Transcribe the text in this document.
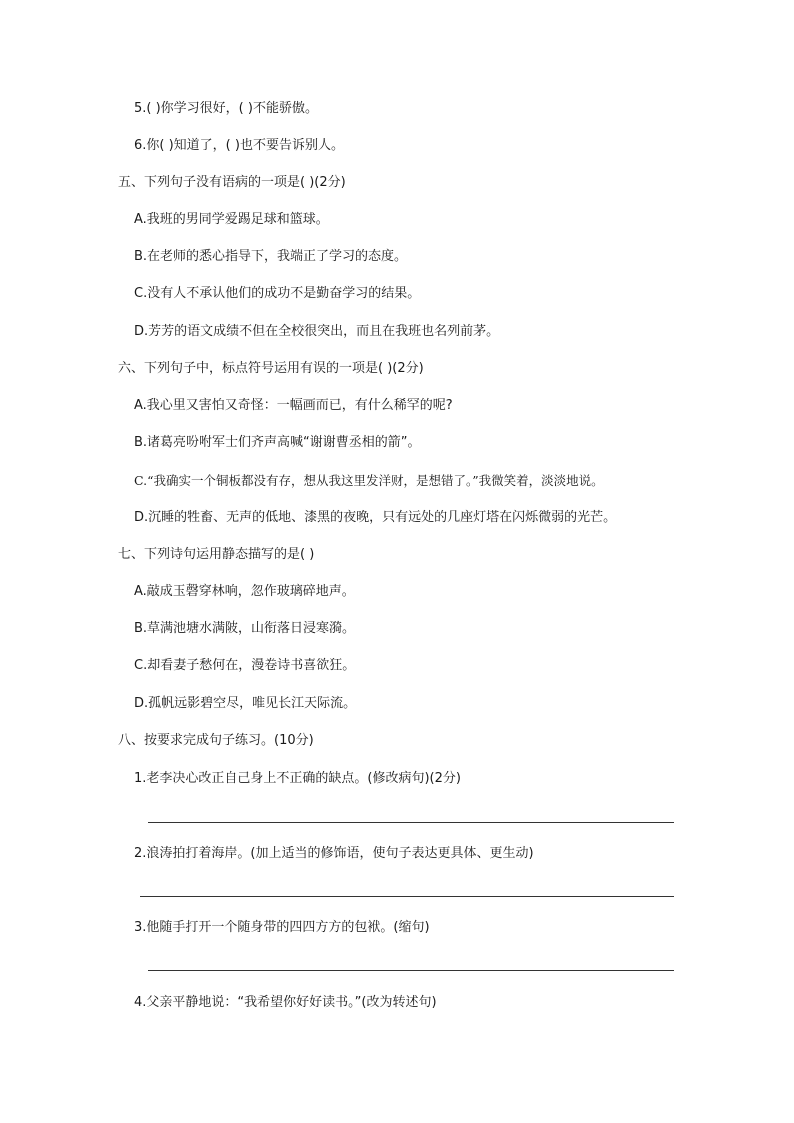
5.( )你学习很好，( )不能骄傲。
6.你( )知道了，( )也不要告诉别人。
五、下列句子没有语病的一项是( )(2分)
A.我班的男同学爱踢足球和篮球。
B.在老师的悉心指导下，我端正了学习的态度。
C.没有人不承认他们的成功不是勤奋学习的结果。
D.芳芳的语文成绩不但在全校很突出，而且在我班也名列前茅。
六、下列句子中，标点符号运用有误的一项是( )(2分)
A.我心里又害怕又奇怪：一幅画而已，有什么稀罕的呢?
B.诸葛亮吩咐军士们齐声高喊“谢谢曹丞相的箭”。
C.“我确实一个铜板都没有存，想从我这里发洋财，是想错了。”我微笑着，淡淡地说。
D.沉睡的牲畜、无声的低地、漆黑的夜晚，只有远处的几座灯塔在闪烁微弱的光芒。
七、下列诗句运用静态描写的是( )
A.敲成玉磬穿林响，忽作玻璃碎地声。
B.草满池塘水满陂，山衔落日浸寒漪。
C.却看妻子愁何在，漫卷诗书喜欲狂。
D.孤帆远影碧空尽，唯见长江天际流。
八、按要求完成句子练习。(10分)
1.老李决心改正自己身上不正确的缺点。(修改病句)(2分)
2.浪涛拍打着海岸。(加上适当的修饰语，使句子表达更具体、更生动)
3.他随手打开一个随身带的四四方方的包袱。(缩句)
4.父亲平静地说：“我希望你好好读书。”(改为转述句)
